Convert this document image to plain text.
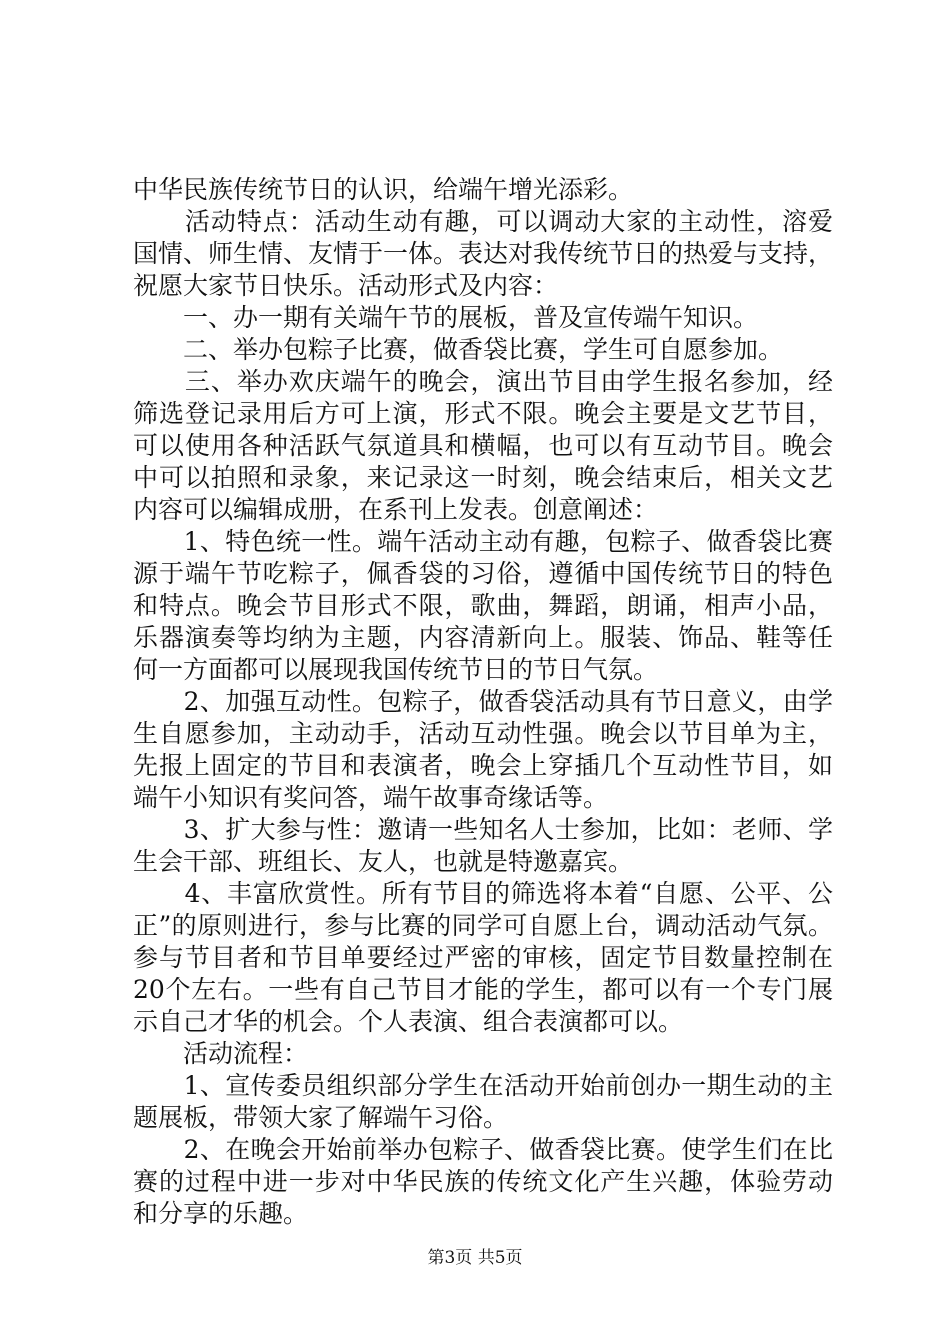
中华民族传统节日的认识，给端午增光添彩。
　　活动特点：活动生动有趣，可以调动大家的主动性，溶爱
国情、师生情、友情于一体。表达对我传统节日的热爱与支持，
祝愿大家节日快乐。活动形式及内容：
　　一、办一期有关端午节的展板，普及宣传端午知识。
　　二、举办包粽子比赛，做香袋比赛，学生可自愿参加。
　　三、举办欢庆端午的晚会，演出节目由学生报名参加，经
筛选登记录用后方可上演，形式不限。晚会主要是文艺节目，
可以使用各种活跃气氛道具和横幅，也可以有互动节目。晚会
中可以拍照和录象，来记录这一时刻，晚会结束后，相关文艺
内容可以编辑成册，在系刊上发表。创意阐述：
　　1、特色统一性。端午活动主动有趣，包粽子、做香袋比赛
源于端午节吃粽子，佩香袋的习俗，遵循中国传统节日的特色
和特点。晚会节目形式不限，歌曲，舞蹈，朗诵，相声小品，
乐器演奏等均纳为主题，内容清新向上。服装、饰品、鞋等任
何一方面都可以展现我国传统节日的节日气氛。
　　2、加强互动性。包粽子，做香袋活动具有节日意义，由学
生自愿参加，主动动手，活动互动性强。晚会以节目单为主，
先报上固定的节目和表演者，晚会上穿插几个互动性节目，如
端午小知识有奖问答，端午故事奇缘话等。
　　3、扩大参与性：邀请一些知名人士参加，比如：老师、学
生会干部、班组长、友人，也就是特邀嘉宾。
　　4、丰富欣赏性。所有节目的筛选将本着“自愿、公平、公
正”的原则进行，参与比赛的同学可自愿上台，调动活动气氛。
参与节目者和节目单要经过严密的审核，固定节目数量控制在
20个左右。一些有自己节目才能的学生，都可以有一个专门展
示自己才华的机会。个人表演、组合表演都可以。
　　活动流程：
　　1、宣传委员组织部分学生在活动开始前创办一期生动的主
题展板，带领大家了解端午习俗。
　　2、在晚会开始前举办包粽子、做香袋比赛。使学生们在比
赛的过程中进一步对中华民族的传统文化产生兴趣，体验劳动
和分享的乐趣。
第3页 共5页
